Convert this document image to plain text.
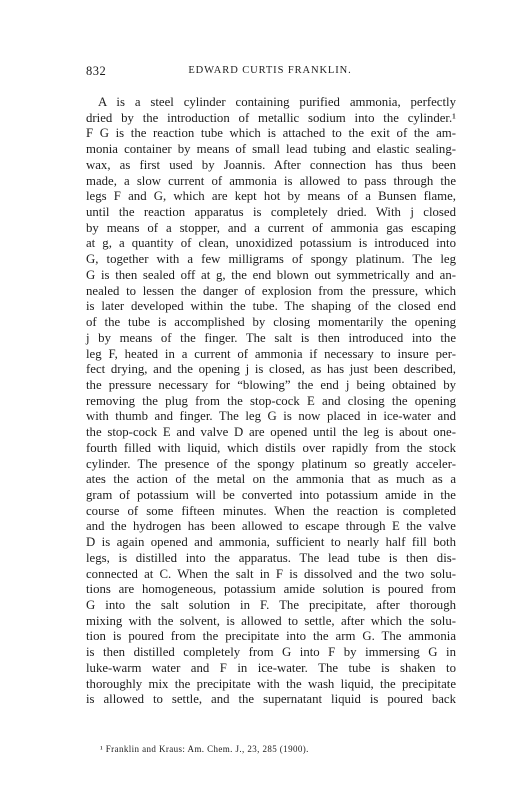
832	EDWARD CURTIS FRANKLIN.
A is a steel cylinder containing purified ammonia, perfectly
dried by the introduction of metallic sodium into the cylinder.¹
F G is the reaction tube which is attached to the exit of the am-
monia container by means of small lead tubing and elastic sealing-
wax, as first used by Joannis. After connection has thus been
made, a slow current of ammonia is allowed to pass through the
legs F and G, which are kept hot by means of a Bunsen flame,
until the reaction apparatus is completely dried. With j closed
by means of a stopper, and a current of ammonia gas escaping
at g, a quantity of clean, unoxidized potassium is introduced into
G, together with a few milligrams of spongy platinum. The leg
G is then sealed off at g, the end blown out symmetrically and an-
nealed to lessen the danger of explosion from the pressure, which
is later developed within the tube. The shaping of the closed end
of the tube is accomplished by closing momentarily the opening
j by means of the finger. The salt is then introduced into the
leg F, heated in a current of ammonia if necessary to insure per-
fect drying, and the opening j is closed, as has just been described,
the pressure necessary for “blowing” the end j being obtained by
removing the plug from the stop-cock E and closing the opening
with thumb and finger. The leg G is now placed in ice-water and
the stop-cock E and valve D are opened until the leg is about one-
fourth filled with liquid, which distils over rapidly from the stock
cylinder. The presence of the spongy platinum so greatly acceler-
ates the action of the metal on the ammonia that as much as a
gram of potassium will be converted into potassium amide in the
course of some fifteen minutes. When the reaction is completed
and the hydrogen has been allowed to escape through E the valve
D is again opened and ammonia, sufficient to nearly half fill both
legs, is distilled into the apparatus. The lead tube is then dis-
connected at C. When the salt in F is dissolved and the two solu-
tions are homogeneous, potassium amide solution is poured from
G into the salt solution in F. The precipitate, after thorough
mixing with the solvent, is allowed to settle, after which the solu-
tion is poured from the precipitate into the arm G. The ammonia
is then distilled completely from G into F by immersing G in
luke-warm water and F in ice-water. The tube is shaken to
thoroughly mix the precipitate with the wash liquid, the precipitate
is allowed to settle, and the supernatant liquid is poured back
¹ Franklin and Kraus: Am. Chem. J., 23, 285 (1900).
